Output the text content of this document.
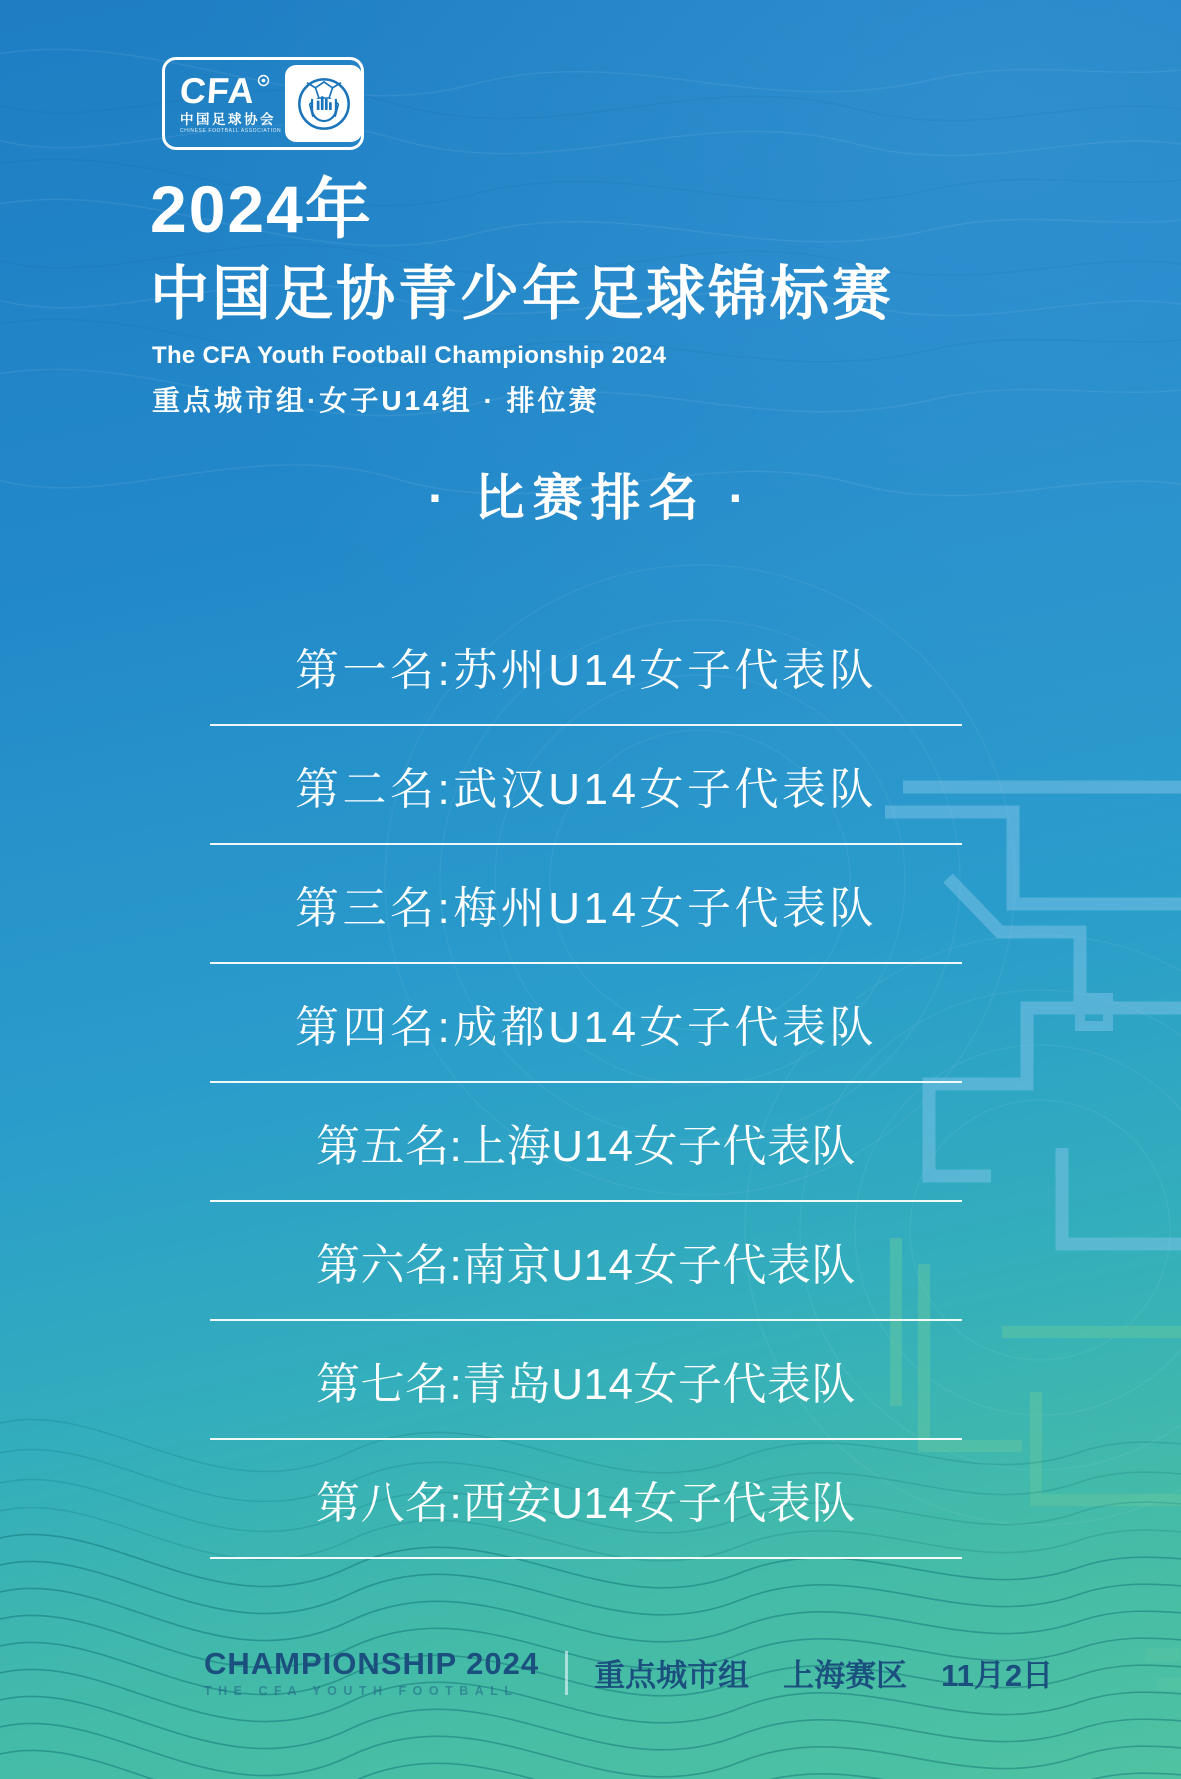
CFA
中国足球协会
CHINESE FOOTBALL ASSOCIATION
2024年
中国足协青少年足球锦标赛
The CFA Youth Football Championship 2024
重点城市组·女子U14组 · 排位赛
· 比赛排名 ·
第一名:苏州U14女子代表队
第二名:武汉U14女子代表队
第三名:梅州U14女子代表队
第四名:成都U14女子代表队
第五名:上海U14女子代表队
第六名:南京U14女子代表队
第七名:青岛U14女子代表队
第八名:西安U14女子代表队
CHAMPIONSHIP 2024
THE CFA YOUTH FOOTBALL	重点城市组 上海赛区 11月2日
